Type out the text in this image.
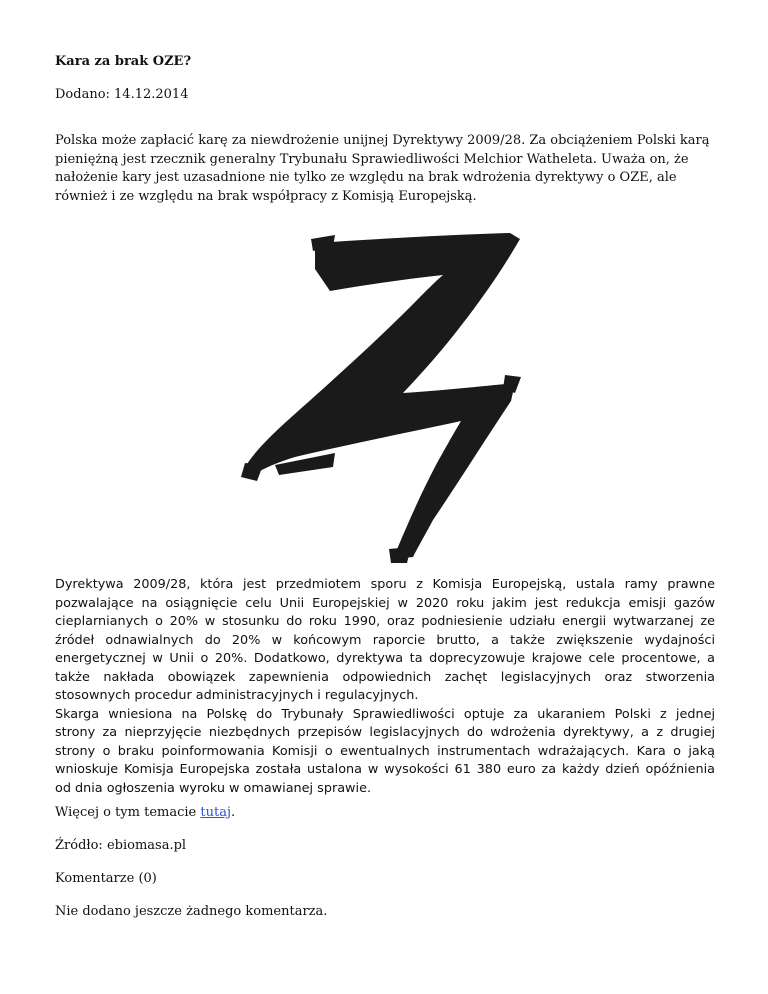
Kara za brak OZE?

Dodano: 14.12.2014

Polska może zapłacić karę za niewdrożenie unijnej Dyrektywy 2009/28. Za obciążeniem Polski karą
pieniężną jest rzecznik generalny Trybunału Sprawiedliwości Melchior Watheleta. Uważa on, że
nałożenie kary jest uzasadnione nie tylko ze względu na brak wdrożenia dyrektywy o OZE, ale
również i ze względu na brak współpracy z Komisją Europejską.

Dyrektywa 2009/28, która jest przedmiotem sporu z Komisja Europejską, ustala ramy prawne
pozwalające na osiągnięcie celu Unii Europejskiej w 2020 roku jakim jest redukcja emisji gazów
cieplarnianych o 20% w stosunku do roku 1990, oraz podniesienie udziału energii wytwarzanej ze
źródeł odnawialnych do 20% w końcowym raporcie brutto, a także zwiększenie wydajności
energetycznej w Unii o 20%. Dodatkowo, dyrektywa ta doprecyzowuje krajowe cele procentowe, a
także nakłada obowiązek zapewnienia odpowiednich zachęt legislacyjnych oraz stworzenia
stosownych procedur administracyjnych i regulacyjnych.
Skarga wniesiona na Polskę do Trybunały Sprawiedliwości optuje za ukaraniem Polski z jednej
strony za nieprzyjęcie niezbędnych przepisów legislacyjnych do wdrożenia dyrektywy, a z drugiej
strony o braku poinformowania Komisji o ewentualnych instrumentach wdrażających. Kara o jaką
wnioskuje Komisja Europejska została ustalona w wysokości 61 380 euro za każdy dzień opóźnienia
od dnia ogłoszenia wyroku w omawianej sprawie.

Więcej o tym temacie tutaj.

Źródło: ebiomasa.pl

Komentarze (0)

Nie dodano jeszcze żadnego komentarza.
